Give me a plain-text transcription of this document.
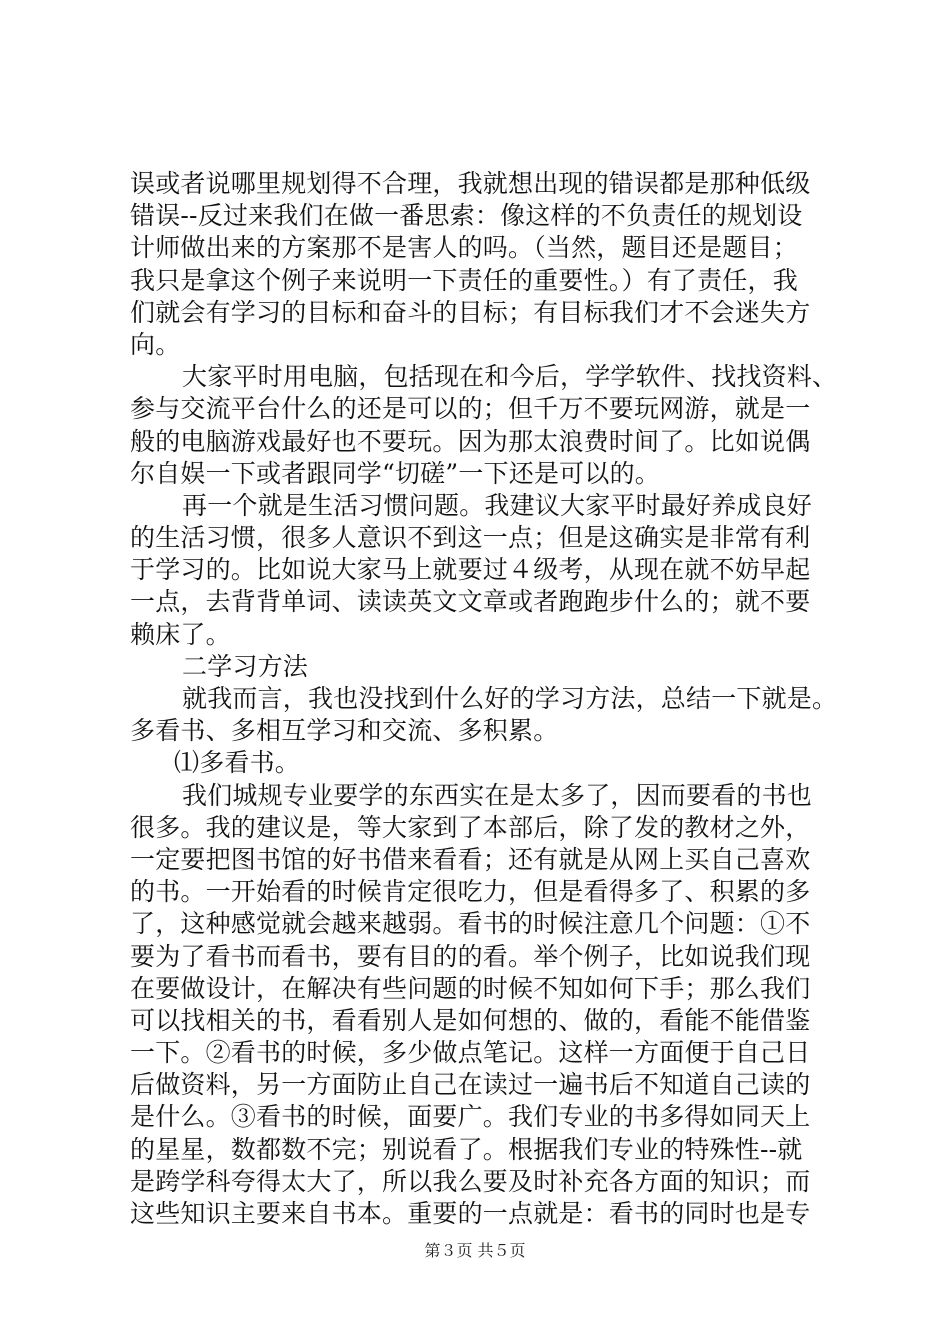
误或者说哪里规划得不合理，我就想出现的错误都是那种低级
错误--反过来我们在做一番思索：像这样的不负责任的规划设
计师做出来的方案那不是害人的吗。（当然，题目还是题目；
我只是拿这个例子来说明一下责任的重要性。）有了责任，我
们就会有学习的目标和奋斗的目标；有目标我们才不会迷失方
向。
大家平时用电脑，包括现在和今后，学学软件、找找资料、
参与交流平台什么的还是可以的；但千万不要玩网游，就是一
般的电脑游戏最好也不要玩。因为那太浪费时间了。比如说偶
尔自娱一下或者跟同学“切磋”一下还是可以的。
再一个就是生活习惯问题。我建议大家平时最好养成良好
的生活习惯，很多人意识不到这一点；但是这确实是非常有利
于学习的。比如说大家马上就要过４级考，从现在就不妨早起
一点，去背背单词、读读英文文章或者跑跑步什么的；就不要
赖床了。
二学习方法
就我而言，我也没找到什么好的学习方法，总结一下就是。
多看书、多相互学习和交流、多积累。
⑴多看书。
我们城规专业要学的东西实在是太多了，因而要看的书也
很多。我的建议是，等大家到了本部后，除了发的教材之外，
一定要把图书馆的好书借来看看；还有就是从网上买自己喜欢
的书。一开始看的时候肯定很吃力，但是看得多了、积累的多
了，这种感觉就会越来越弱。看书的时候注意几个问题：①不
要为了看书而看书，要有目的的看。举个例子，比如说我们现
在要做设计，在解决有些问题的时候不知如何下手；那么我们
可以找相关的书，看看别人是如何想的、做的，看能不能借鉴
一下。②看书的时候，多少做点笔记。这样一方面便于自己日
后做资料，另一方面防止自己在读过一遍书后不知道自己读的
是什么。③看书的时候，面要广。我们专业的书多得如同天上
的星星，数都数不完；别说看了。根据我们专业的特殊性--就
是跨学科夸得太大了，所以我么要及时补充各方面的知识；而
这些知识主要来自书本。重要的一点就是：看书的同时也是专
第３页 共５页
